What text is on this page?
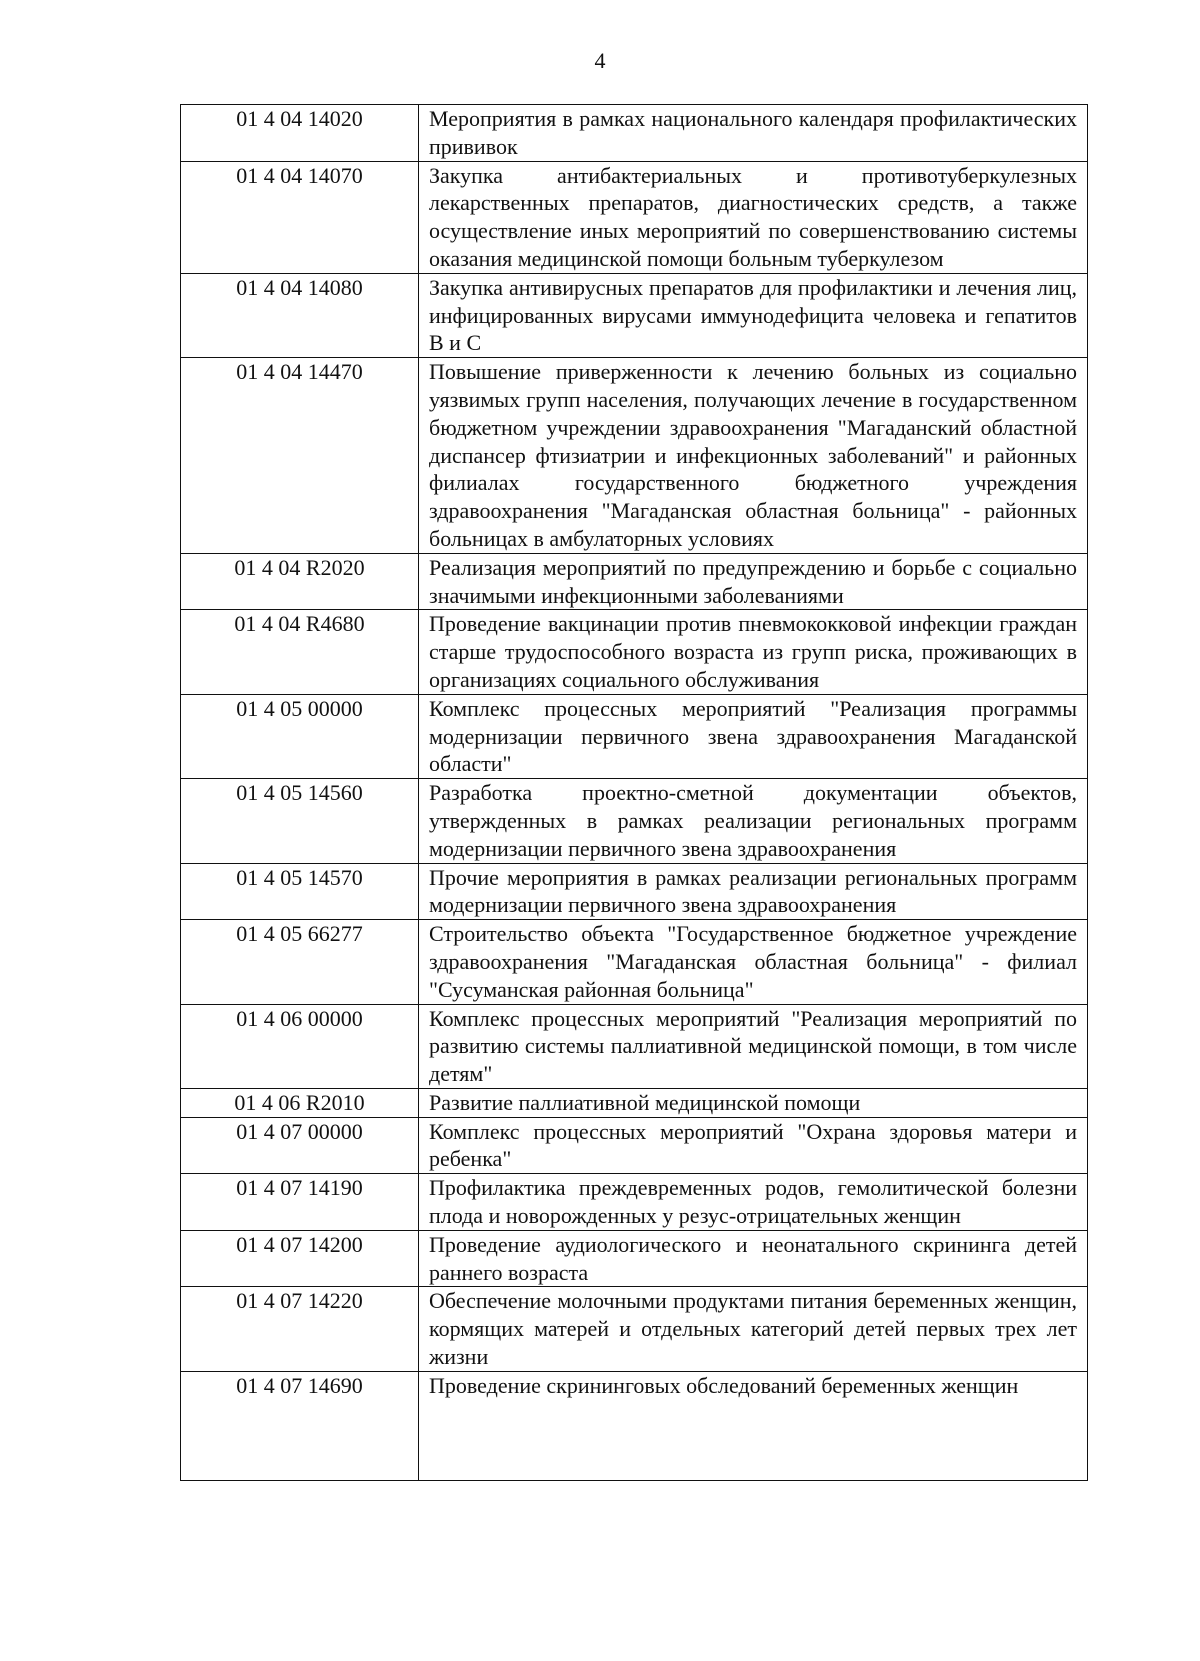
4
01 4 04 14020	Мероприятия в рамках национального календаря профилактических прививок
01 4 04 14070	Закупка антибактериальных и противотуберкулезных лекарственных препаратов, диагностических средств, а также осуществление иных мероприятий по совершенствованию системы оказания медицинской помощи больным туберкулезом
01 4 04 14080	Закупка антивирусных препаратов для профилактики и лечения лиц, инфицированных вирусами иммунодефицита человека и гепатитов B и C
01 4 04 14470	Повышение приверженности к лечению больных из социально уязвимых групп населения, получающих лечение в государственном бюджетном учреждении здравоохранения "Магаданский областной диспансер фтизиатрии и инфекционных заболеваний" и районных филиалах государственного бюджетного учреждения здравоохранения "Магаданская областная больница" - районных больницах в амбулаторных условиях
01 4 04 R2020	Реализация мероприятий по предупреждению и борьбе с социально значимыми инфекционными заболеваниями
01 4 04 R4680	Проведение вакцинации против пневмококковой инфекции граждан старше трудоспособного возраста из групп риска, проживающих в организациях социального обслуживания
01 4 05 00000	Комплекс процессных мероприятий "Реализация программы модернизации первичного звена здравоохранения Магаданской области"
01 4 05 14560	Разработка проектно-сметной документации объектов, утвержденных в рамках реализации региональных программ модернизации первичного звена здравоохранения
01 4 05 14570	Прочие мероприятия в рамках реализации региональных программ модернизации первичного звена здравоохранения
01 4 05 66277	Строительство объекта "Государственное бюджетное учреждение здравоохранения "Магаданская областная больница" - филиал "Сусуманская районная больница"
01 4 06 00000	Комплекс процессных мероприятий "Реализация мероприятий по развитию системы паллиативной медицинской помощи, в том числе детям"
01 4 06 R2010	Развитие паллиативной медицинской помощи
01 4 07 00000	Комплекс процессных мероприятий "Охрана здоровья матери и ребенка"
01 4 07 14190	Профилактика преждевременных родов, гемолитической болезни плода и новорожденных у резус-отрицательных женщин
01 4 07 14200	Проведение аудиологического и неонатального скрининга детей раннего возраста
01 4 07 14220	Обеспечение молочными продуктами питания беременных женщин, кормящих матерей и отдельных категорий детей первых трех лет жизни
01 4 07 14690	Проведение скрининговых обследований беременных женщин
